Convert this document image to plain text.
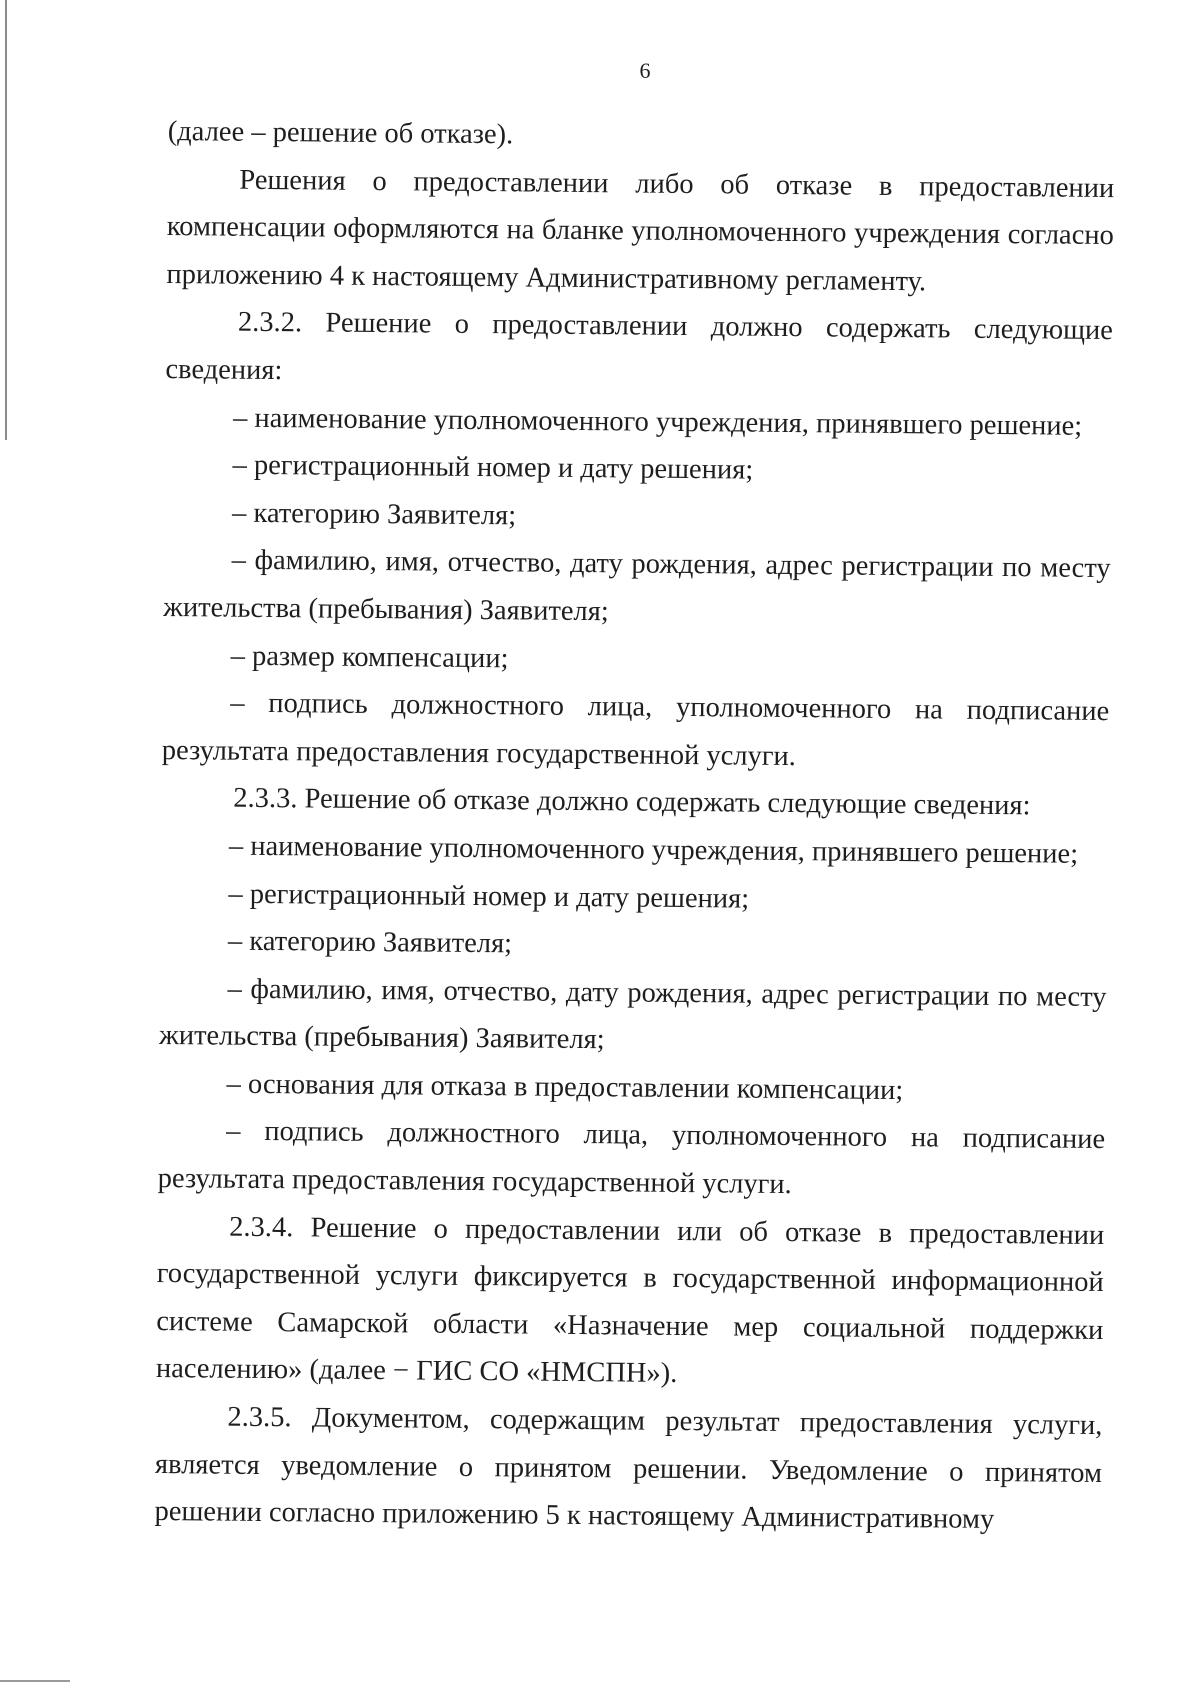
6

(далее – решение об отказе).

Решения о предоставлении либо об отказе в предоставлении компенсации оформляются на бланке уполномоченного учреждения согласно приложению 4 к настоящему Административному регламенту.

2.3.2. Решение о предоставлении должно содержать следующие сведения:

– наименование уполномоченного учреждения, принявшего решение;

– регистрационный номер и дату решения;

– категорию Заявителя;

– фамилию, имя, отчество, дату рождения, адрес регистрации по месту жительства (пребывания) Заявителя;

– размер компенсации;

– подпись должностного лица, уполномоченного на подписание результата предоставления государственной услуги.

2.3.3. Решение об отказе должно содержать следующие сведения:

– наименование уполномоченного учреждения, принявшего решение;

– регистрационный номер и дату решения;

– категорию Заявителя;

– фамилию, имя, отчество, дату рождения, адрес регистрации по месту жительства (пребывания) Заявителя;

– основания для отказа в предоставлении компенсации;

– подпись должностного лица, уполномоченного на подписание результата предоставления государственной услуги.

2.3.4. Решение о предоставлении или об отказе в предоставлении государственной услуги фиксируется в государственной информационной системе Самарской области «Назначение мер социальной поддержки населению» (далее − ГИС СО «НМСПН»).

2.3.5. Документом, содержащим результат предоставления услуги, является уведомление о принятом решении. Уведомление о принятом решении согласно приложению 5 к настоящему Административному
